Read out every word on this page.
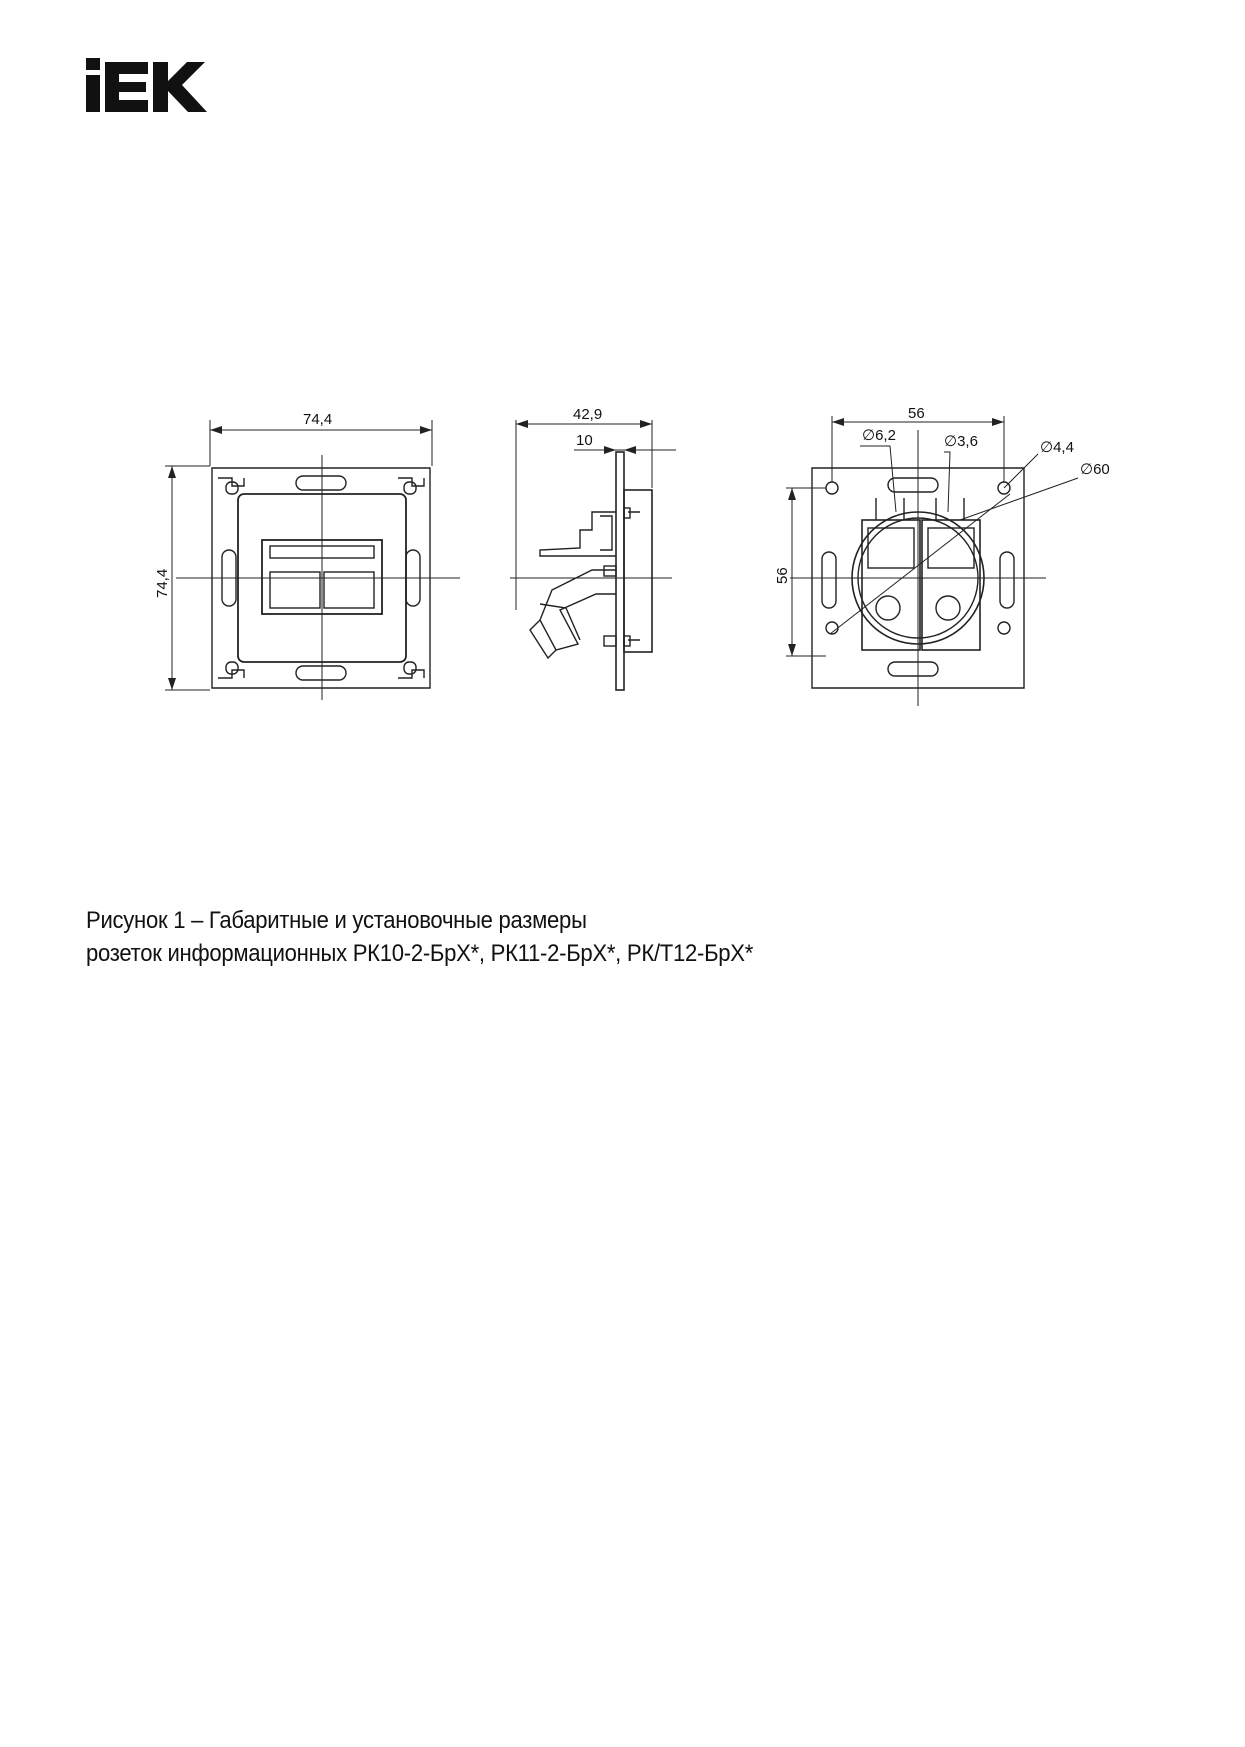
74,4
74,4
42,9
10
56
56
∅6,2	∅3,6	∅4,4
∅60
Рисунок 1 – Габаритные и установочные размеры
розеток информационных РК10-2-БрХ*, РК11-2-БрХ*, РК/Т12-БрХ*
